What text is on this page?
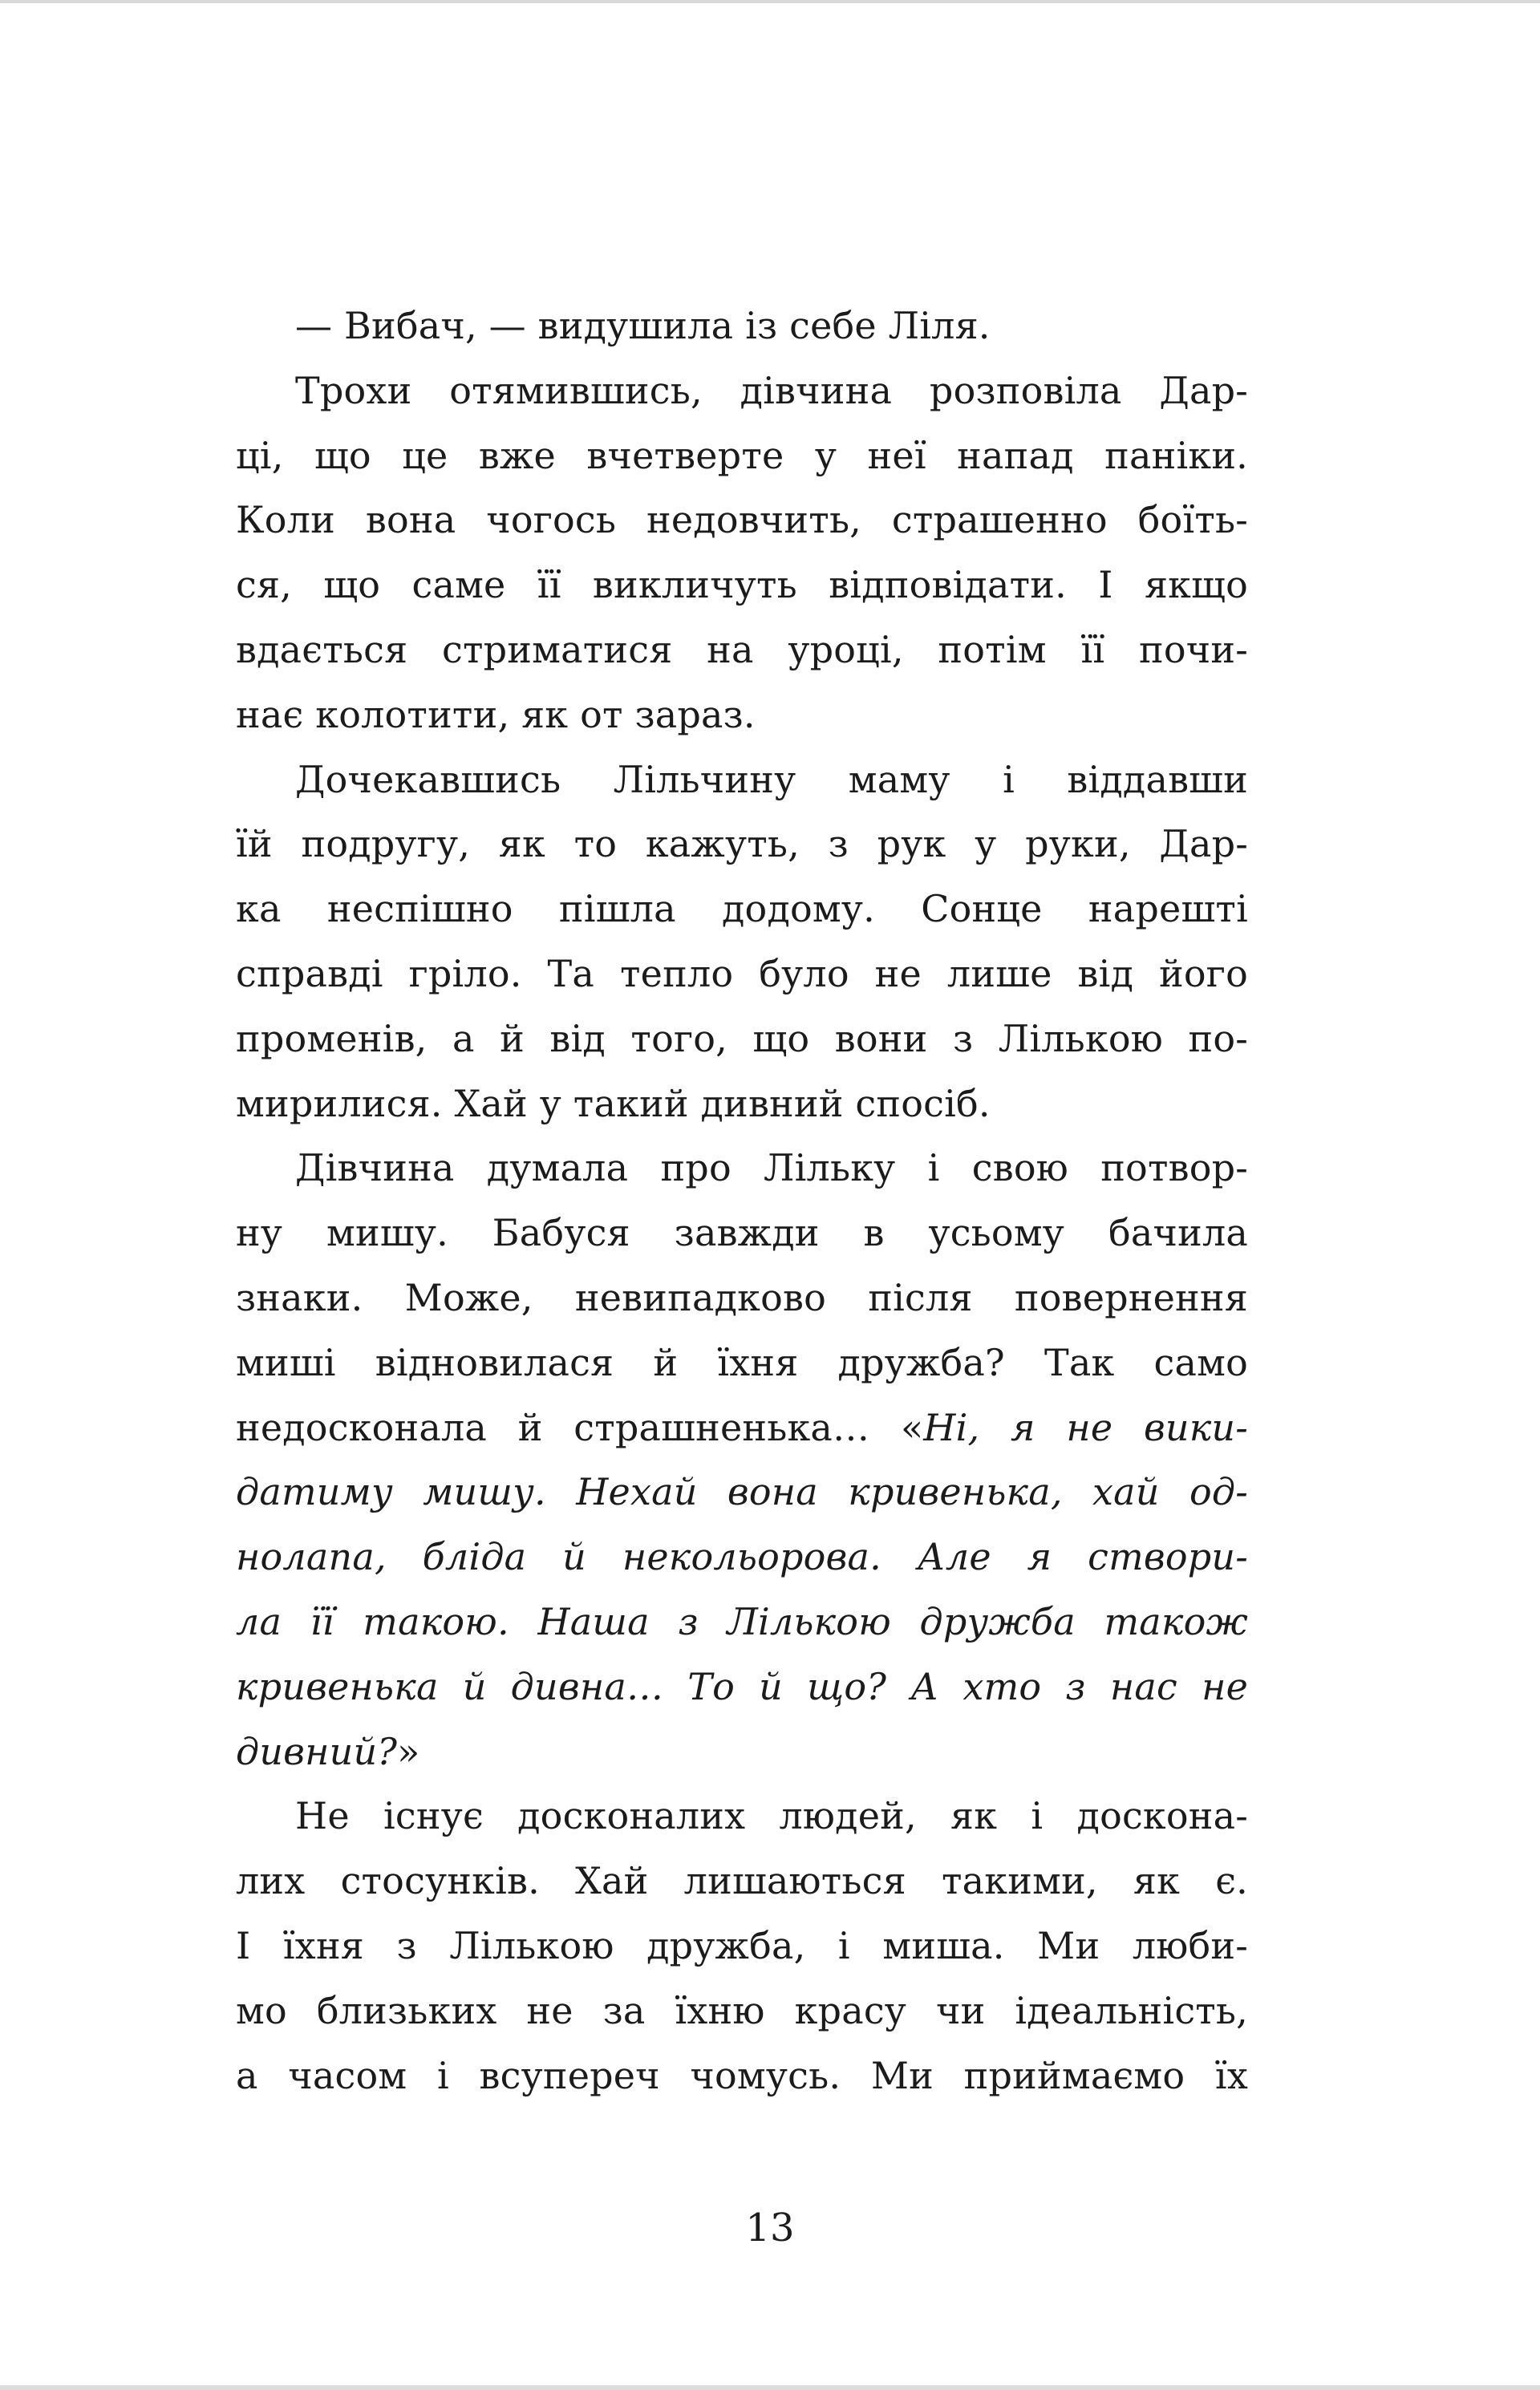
— Вибач, — видушила із себе Ліля.
Трохи отямившись, дівчина розповіла Дар-
ці, що це вже вчетверте у неї напад паніки.
Коли вона чогось недовчить, страшенно боїть-
ся, що саме її викличуть відповідати. І якщо
вдається стриматися на уроці, потім її почи-
нає колотити, як от зараз.
Дочекавшись Лільчину маму і віддавши
їй подругу, як то кажуть, з рук у руки, Дар-
ка неспішно пішла додому. Сонце нарешті
справді гріло. Та тепло було не лише від його
променів, а й від того, що вони з Лількою по-
мирилися. Хай у такий дивний спосіб.
Дівчина думала про Лільку і свою потвор-
ну мишу. Бабуся завжди в усьому бачила
знаки. Може, невипадково після повернення
миші відновилася й їхня дружба? Так само
недосконала й страшненька… «Ні, я не вики-
датиму мишу. Нехай вона кривенька, хай од-
нолапа, бліда й некольорова. Але я створи-
ла її такою. Наша з Лількою дружба також
кривенька й дивна… То й що? А хто з нас не
дивний?»
Не існує досконалих людей, як і доскона-
лих стосунків. Хай лишаються такими, як є.
І їхня з Лількою дружба, і миша. Ми люби-
мо близьких не за їхню красу чи ідеальність,
а часом і всупереч чомусь. Ми приймаємо їх
13
